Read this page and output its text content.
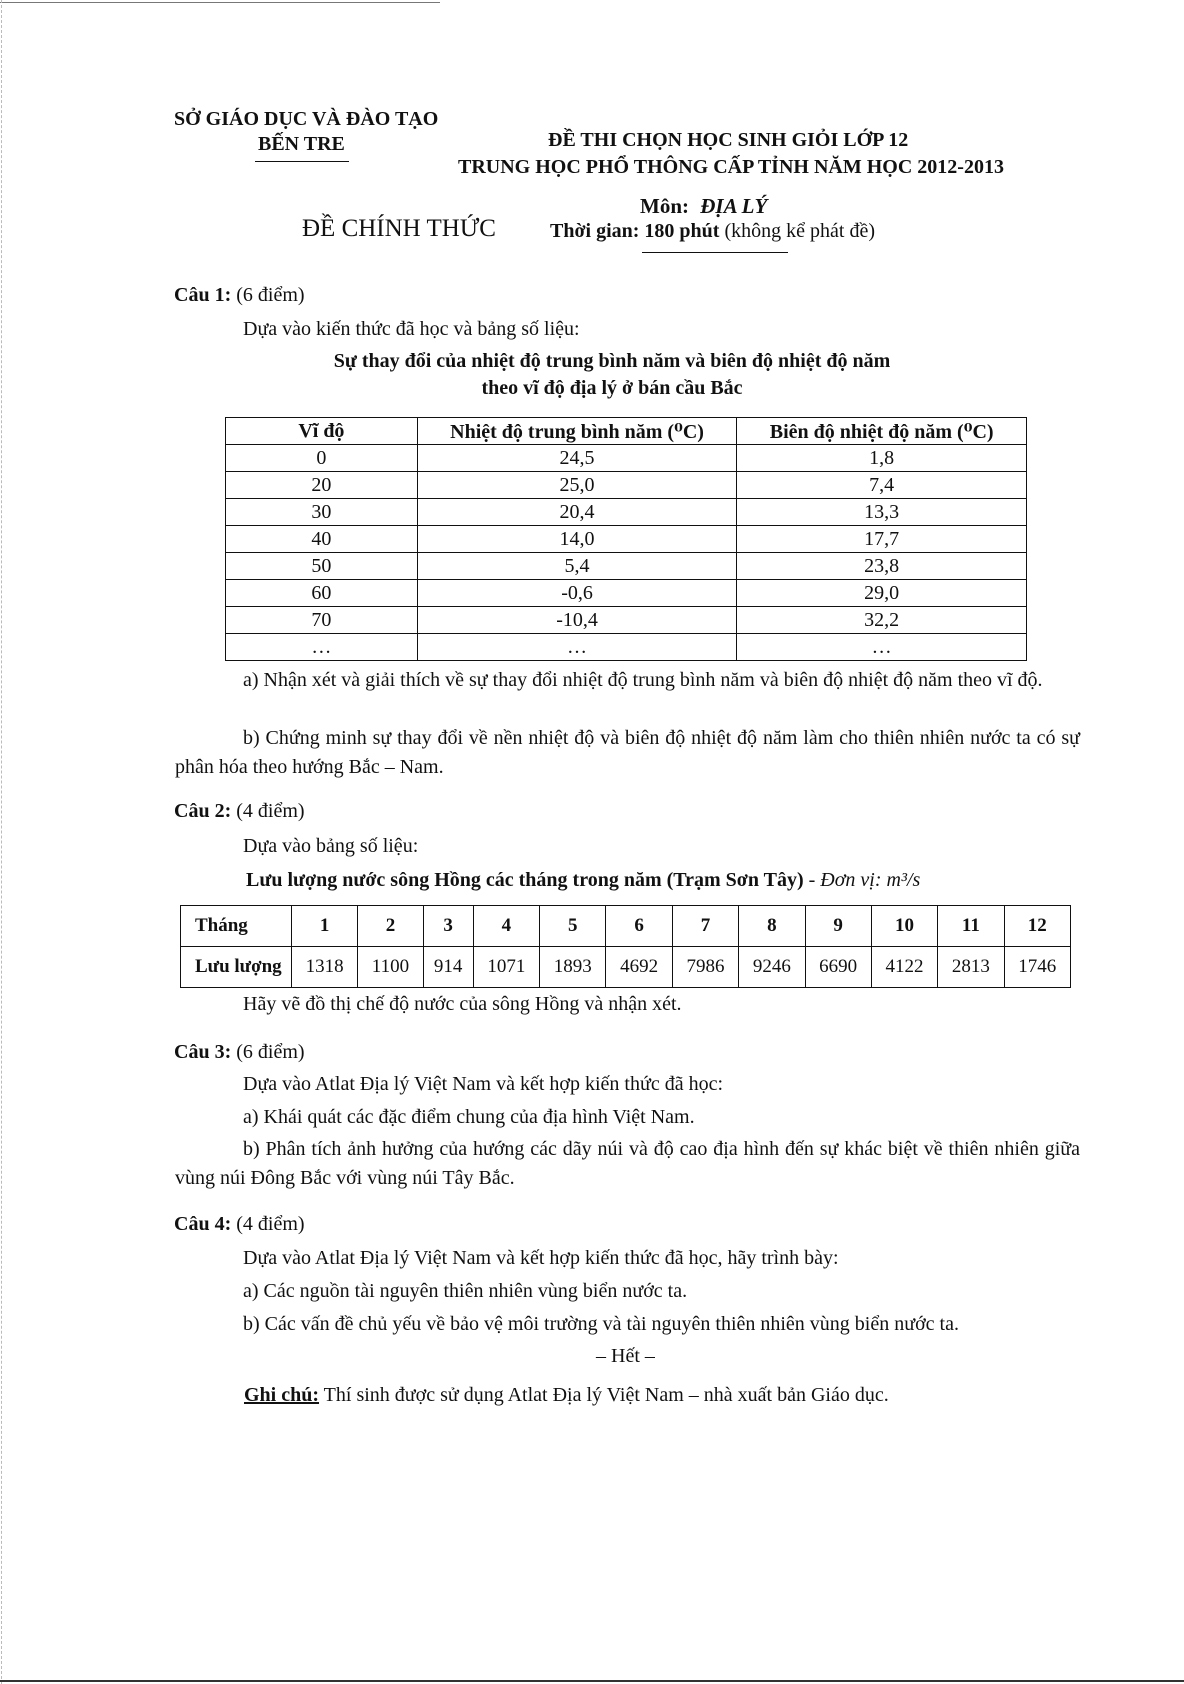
SỞ GIÁO DỤC VÀ ĐÀO TẠO
BẾN TRE	ĐỀ THI CHỌN HỌC SINH GIỎI LỚP 12
TRUNG HỌC PHỔ THÔNG CẤP TỈNH NĂM HỌC 2012-2013
Môn: ĐỊA LÝ
ĐỀ CHÍNH THỨC	Thời gian: 180 phút (không kể phát đề)
Câu 1: (6 điểm)
Dựa vào kiến thức đã học và bảng số liệu:
Sự thay đổi của nhiệt độ trung bình năm và biên độ nhiệt độ năm
theo vĩ độ địa lý ở bán cầu Bắc
Vĩ độ	Nhiệt độ trung bình năm (⁰C)	Biên độ nhiệt độ năm (⁰C)
0	24,5	1,8
20	25,0	7,4
30	20,4	13,3
40	14,0	17,7
50	5,4	23,8
60	-0,6	29,0
70	-10,4	32,2
…	…	…
a) Nhận xét và giải thích về sự thay đổi nhiệt độ trung bình năm và biên độ nhiệt độ năm theo vĩ độ.
b) Chứng minh sự thay đổi về nền nhiệt độ và biên độ nhiệt độ năm làm cho thiên nhiên nước ta có sự phân hóa theo hướng Bắc – Nam.
Câu 2: (4 điểm)
Dựa vào bảng số liệu:
Lưu lượng nước sông Hồng các tháng trong năm (Trạm Sơn Tây) - Đơn vị: m³/s
Tháng	1	2	3	4	5	6	7	8	9	10	11	12
Lưu lượng	1318	1100	914	1071	1893	4692	7986	9246	6690	4122	2813	1746
Hãy vẽ đồ thị chế độ nước của sông Hồng và nhận xét.
Câu 3: (6 điểm)
Dựa vào Atlat Địa lý Việt Nam và kết hợp kiến thức đã học:
a) Khái quát các đặc điểm chung của địa hình Việt Nam.
b) Phân tích ảnh hưởng của hướng các dãy núi và độ cao địa hình đến sự khác biệt về thiên nhiên giữa vùng núi Đông Bắc với vùng núi Tây Bắc.
Câu 4: (4 điểm)
Dựa vào Atlat Địa lý Việt Nam và kết hợp kiến thức đã học, hãy trình bày:
a) Các nguồn tài nguyên thiên nhiên vùng biển nước ta.
b) Các vấn đề chủ yếu về bảo vệ môi trường và tài nguyên thiên nhiên vùng biển nước ta.
– Hết –
Ghi chú: Thí sinh được sử dụng Atlat Địa lý Việt Nam – nhà xuất bản Giáo dục.
